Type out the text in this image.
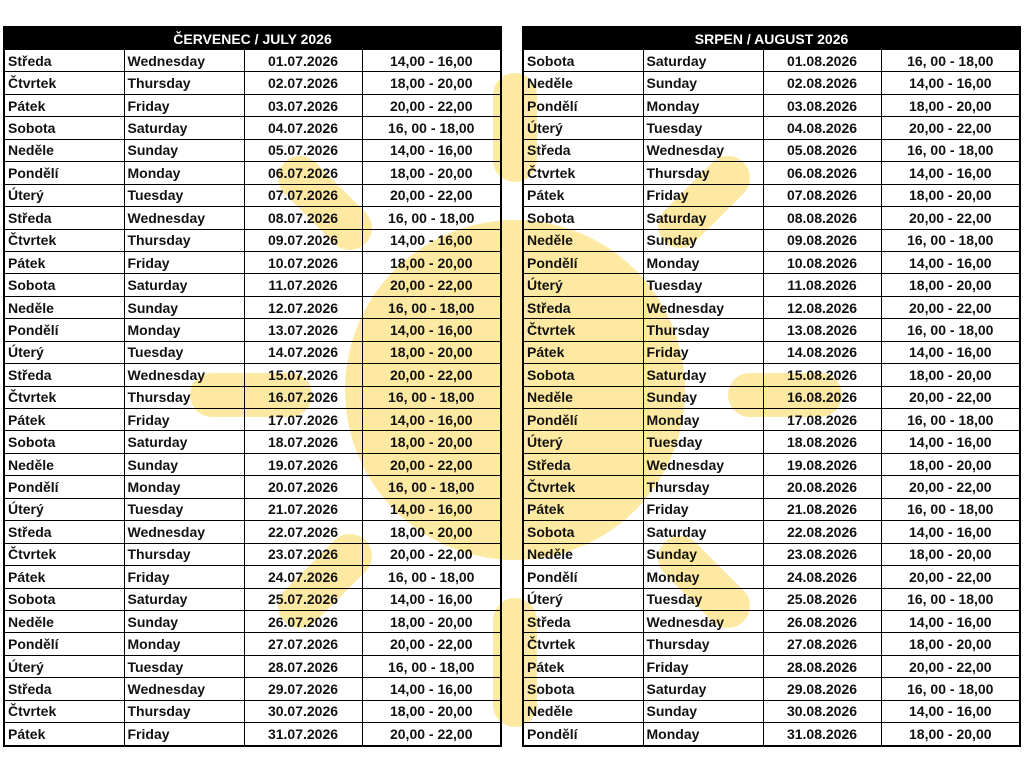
ČERVENEC / JULY 2026			
Středa	Wednesday	01.07.2026	14,00 - 16,00
Čtvrtek	Thursday	02.07.2026	18,00 - 20,00
Pátek	Friday	03.07.2026	20,00 - 22,00
Sobota	Saturday	04.07.2026	16, 00 - 18,00
Neděle	Sunday	05.07.2026	14,00 - 16,00
Pondělí	Monday	06.07.2026	18,00 - 20,00
Úterý	Tuesday	07.07.2026	20,00 - 22,00
Středa	Wednesday	08.07.2026	16, 00 - 18,00
Čtvrtek	Thursday	09.07.2026	14,00 - 16,00
Pátek	Friday	10.07.2026	18,00 - 20,00
Sobota	Saturday	11.07.2026	20,00 - 22,00
Neděle	Sunday	12.07.2026	16, 00 - 18,00
Pondělí	Monday	13.07.2026	14,00 - 16,00
Úterý	Tuesday	14.07.2026	18,00 - 20,00
Středa	Wednesday	15.07.2026	20,00 - 22,00
Čtvrtek	Thursday	16.07.2026	16, 00 - 18,00
Pátek	Friday	17.07.2026	14,00 - 16,00
Sobota	Saturday	18.07.2026	18,00 - 20,00
Neděle	Sunday	19.07.2026	20,00 - 22,00
Pondělí	Monday	20.07.2026	16, 00 - 18,00
Úterý	Tuesday	21.07.2026	14,00 - 16,00
Středa	Wednesday	22.07.2026	18,00 - 20,00
Čtvrtek	Thursday	23.07.2026	20,00 - 22,00
Pátek	Friday	24.07.2026	16, 00 - 18,00
Sobota	Saturday	25.07.2026	14,00 - 16,00
Neděle	Sunday	26.07.2026	18,00 - 20,00
Pondělí	Monday	27.07.2026	20,00 - 22,00
Úterý	Tuesday	28.07.2026	16, 00 - 18,00
Středa	Wednesday	29.07.2026	14,00 - 16,00
Čtvrtek	Thursday	30.07.2026	18,00 - 20,00
Pátek	Friday	31.07.2026	20,00 - 22,00
SRPEN / AUGUST 2026			
Sobota	Saturday	01.08.2026	16, 00 - 18,00
Neděle	Sunday	02.08.2026	14,00 - 16,00
Pondělí	Monday	03.08.2026	18,00 - 20,00
Úterý	Tuesday	04.08.2026	20,00 - 22,00
Středa	Wednesday	05.08.2026	16, 00 - 18,00
Čtvrtek	Thursday	06.08.2026	14,00 - 16,00
Pátek	Friday	07.08.2026	18,00 - 20,00
Sobota	Saturday	08.08.2026	20,00 - 22,00
Neděle	Sunday	09.08.2026	16, 00 - 18,00
Pondělí	Monday	10.08.2026	14,00 - 16,00
Úterý	Tuesday	11.08.2026	18,00 - 20,00
Středa	Wednesday	12.08.2026	20,00 - 22,00
Čtvrtek	Thursday	13.08.2026	16, 00 - 18,00
Pátek	Friday	14.08.2026	14,00 - 16,00
Sobota	Saturday	15.08.2026	18,00 - 20,00
Neděle	Sunday	16.08.2026	20,00 - 22,00
Pondělí	Monday	17.08.2026	16, 00 - 18,00
Úterý	Tuesday	18.08.2026	14,00 - 16,00
Středa	Wednesday	19.08.2026	18,00 - 20,00
Čtvrtek	Thursday	20.08.2026	20,00 - 22,00
Pátek	Friday	21.08.2026	16, 00 - 18,00
Sobota	Saturday	22.08.2026	14,00 - 16,00
Neděle	Sunday	23.08.2026	18,00 - 20,00
Pondělí	Monday	24.08.2026	20,00 - 22,00
Úterý	Tuesday	25.08.2026	16, 00 - 18,00
Středa	Wednesday	26.08.2026	14,00 - 16,00
Čtvrtek	Thursday	27.08.2026	18,00 - 20,00
Pátek	Friday	28.08.2026	20,00 - 22,00
Sobota	Saturday	29.08.2026	16, 00 - 18,00
Neděle	Sunday	30.08.2026	14,00 - 16,00
Pondělí	Monday	31.08.2026	18,00 - 20,00
